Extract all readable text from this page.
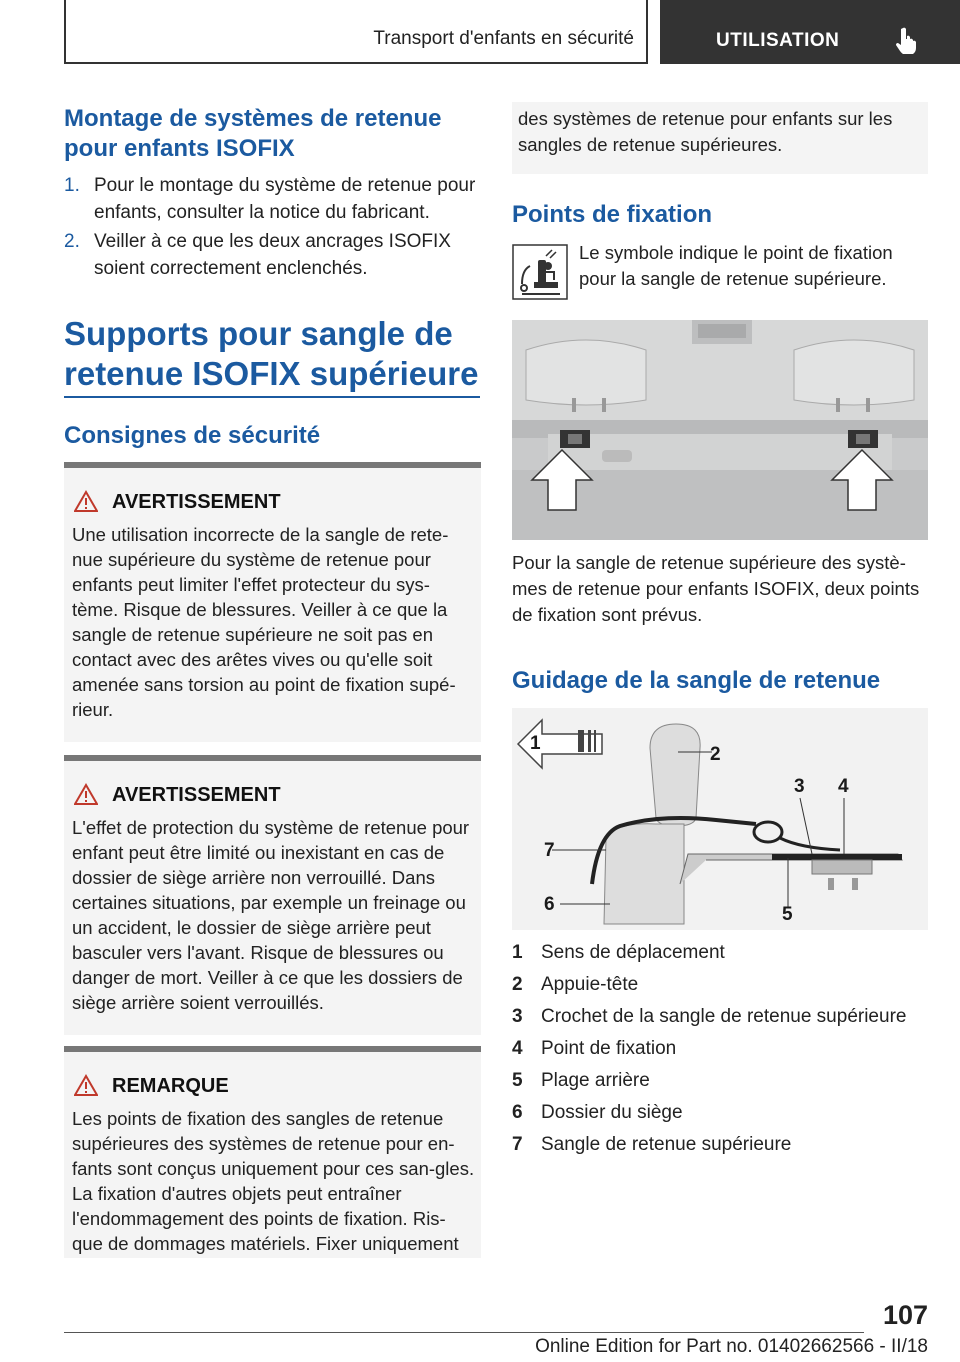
Transport d'enfants en sécurité	UTILISATION
Montage de systèmes de retenue pour enfants ISOFIX
1. Pour le montage du système de retenue pour enfants, consulter la notice du fabricant.
2. Veiller à ce que les deux ancrages ISOFIX soient correctement enclenchés.
Supports pour sangle de retenue ISOFIX supérieure
Consignes de sécurité
AVERTISSEMENT
Une utilisation incorrecte de la sangle de rete-nue supérieure du système de retenue pour enfants peut limiter l'effet protecteur du sys-tème. Risque de blessures. Veiller à ce que la sangle de retenue supérieure ne soit pas en contact avec des arêtes vives ou qu'elle soit amenée sans torsion au point de fixation supé-rieur.
AVERTISSEMENT
L'effet de protection du système de retenue pour enfant peut être limité ou inexistant en cas de dossier de siège arrière non verrouillé. Dans certaines situations, par exemple un freinage ou un accident, le dossier de siège arrière peut basculer vers l'avant. Risque de blessures ou danger de mort. Veiller à ce que les dossiers de siège arrière soient verrouillés.
REMARQUE
Les points de fixation des sangles de retenue supérieures des systèmes de retenue pour en-fants sont conçus uniquement pour ces san-gles. La fixation d'autres objets peut entraîner l'endommagement des points de fixation. Ris-que de dommages matériels. Fixer uniquement
des systèmes de retenue pour enfants sur les sangles de retenue supérieures.
Points de fixation
Le symbole indique le point de fixation pour la sangle de retenue supérieure.
Pour la sangle de retenue supérieure des systè-mes de retenue pour enfants ISOFIX, deux points de fixation sont prévus.
Guidage de la sangle de retenue
1
2
3 4
5
6
7
1 Sens de déplacement
2 Appuie-tête
3 Crochet de la sangle de retenue supérieure
4 Point de fixation
5 Plage arrière
6 Dossier du siège
7 Sangle de retenue supérieure
107
Online Edition for Part no. 01402662566 - II/18
